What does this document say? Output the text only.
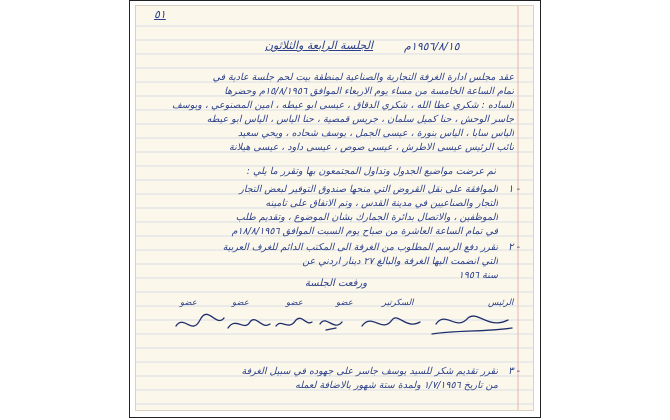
٥١
١٩٥٦/٨/١٥م
الجلسة الرابعة والثلاثون
عقد مجلس ادارة الغرفة التجارية والصناعية لمنطقة بيت لحم جلسة عادية في
تمام الساعة الخامسة من مساء يوم الاربعاء الموافق ١٥/٨/١٩٥٦م وحضرها
الساده : شكري عطا الله ، شكري الدقاق ، عيسى ابو عيطه ، امين المصنوعي ، ويوسف
جاسر الوحش ، حنا كميل سلمان ، جريس قمصية ، حنا الياس ، الياس ابو عيطه
الياس سابا ، الياس بنورة ، عيسى الجمل ، يوسف شحاده ، ويحي سعيد
نائب الرئيس عيسى الاطرش ، عيسى صوص ، عيسى داود ، عيسى هيلانة
ثم عرضت مواضيع الجدول وتداول المجتمعون بها وتقرر ما يلي :
١ -
الموافقة على نقل القروض التي منحها صندوق التوفير لبعض التجار
التجار والصناعيين في مدينة القدس ، وتم الاتفاق على تأمينه
الموظفين ، والاتصال بدائرة الجمارك بشأن الموضوع ، وتقديم طلب
في تمام الساعة العاشرة من صباح يوم السبت الموافق ١٨/٨/١٩٥٦م
٢ -
تقرر دفع الرسم المطلوب من الغرفة الى المكتب الدائم للغرف العربية
التي انضمت اليها الغرفة والبالغ ٢٧ دينار اردني عن
سنة ١٩٥٦
ورفعت الجلسة
عضو	عضو	عضو	عضو	السكرتير	الرئيس
٣ -
تقرر تقديم شكر للسيد يوسف جاسر على جهوده في سبيل الغرفة
من تاريخ ١/٧/١٩٥٦ ولمدة ستة شهور بالاضافة لعمله
